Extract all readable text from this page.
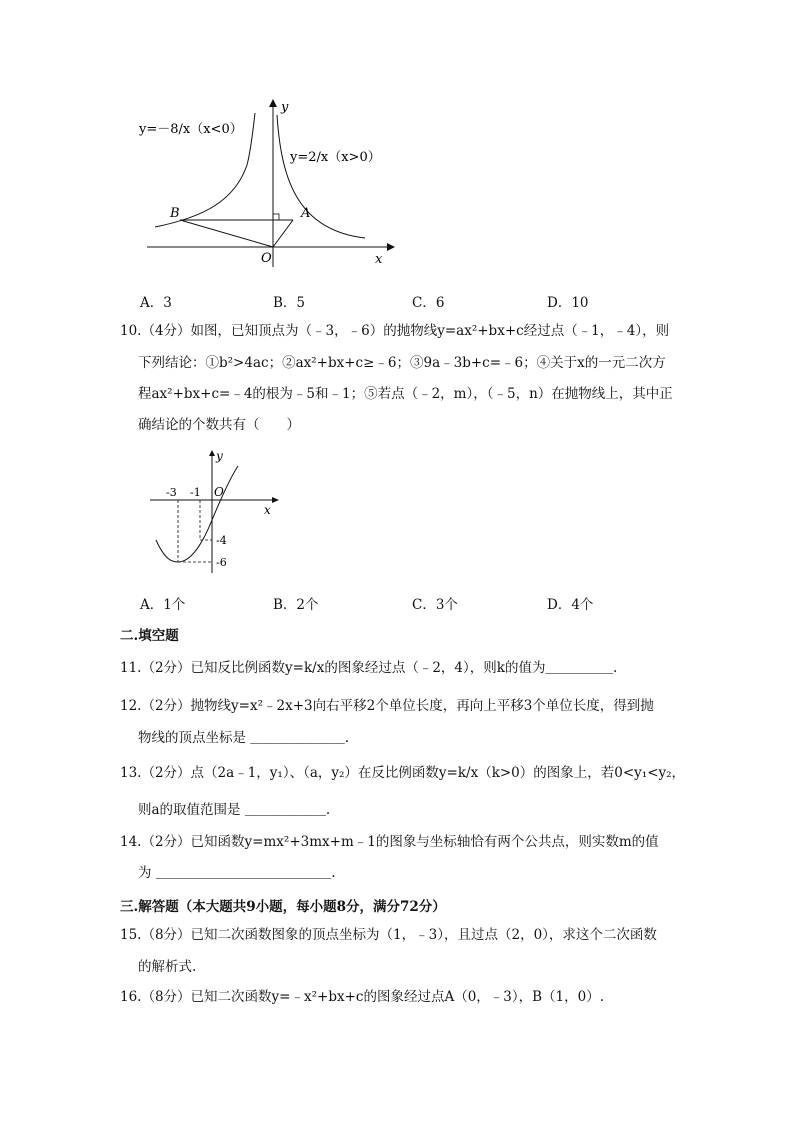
y=－8/x（x<0）
y=2/x（x>0）
y
x
O
A
B
A．3	B．5	C．6	D．10
10.（4分）如图，已知顶点为（﹣3，﹣6）的抛物线y=ax²+bx+c经过点（﹣1，﹣4），则
下列结论：①b²>4ac；②ax²+bx+c≥﹣6；③9a﹣3b+c=﹣6；④关于x的一元二次方
程ax²+bx+c=﹣4的根为﹣5和﹣1；⑤若点（﹣2，m），（﹣5，n）在抛物线上，其中正
确结论的个数共有（　　）
y
x
O
-3 -1
-4
-6
A．1个	B．2个	C．3个	D．4个
二.填空题
11.（2分）已知反比例函数y=k/x的图象经过点（﹣2，4），则k的值为＿＿＿＿＿.
12.（2分）抛物线y=x²﹣2x+3向右平移2个单位长度，再向上平移3个单位长度，得到抛
物线的顶点坐标是 ＿＿＿＿＿＿＿.
13.（2分）点（2a﹣1，y₁）、（a，y₂）在反比例函数y=k/x（k>0）的图象上，若0<y₁<y₂，
则a的取值范围是 ＿＿＿＿＿＿.
14.（2分）已知函数y=mx²+3mx+m﹣1的图象与坐标轴恰有两个公共点，则实数m的值
为 ＿＿＿＿＿＿＿＿＿＿＿＿＿.
三.解答题（本大题共9小题，每小题8分，满分72分）
15.（8分）已知二次函数图象的顶点坐标为（1，﹣3），且过点（2，0），求这个二次函数
的解析式.
16.（8分）已知二次函数y=﹣x²+bx+c的图象经过点A（0，﹣3），B（1，0）.
